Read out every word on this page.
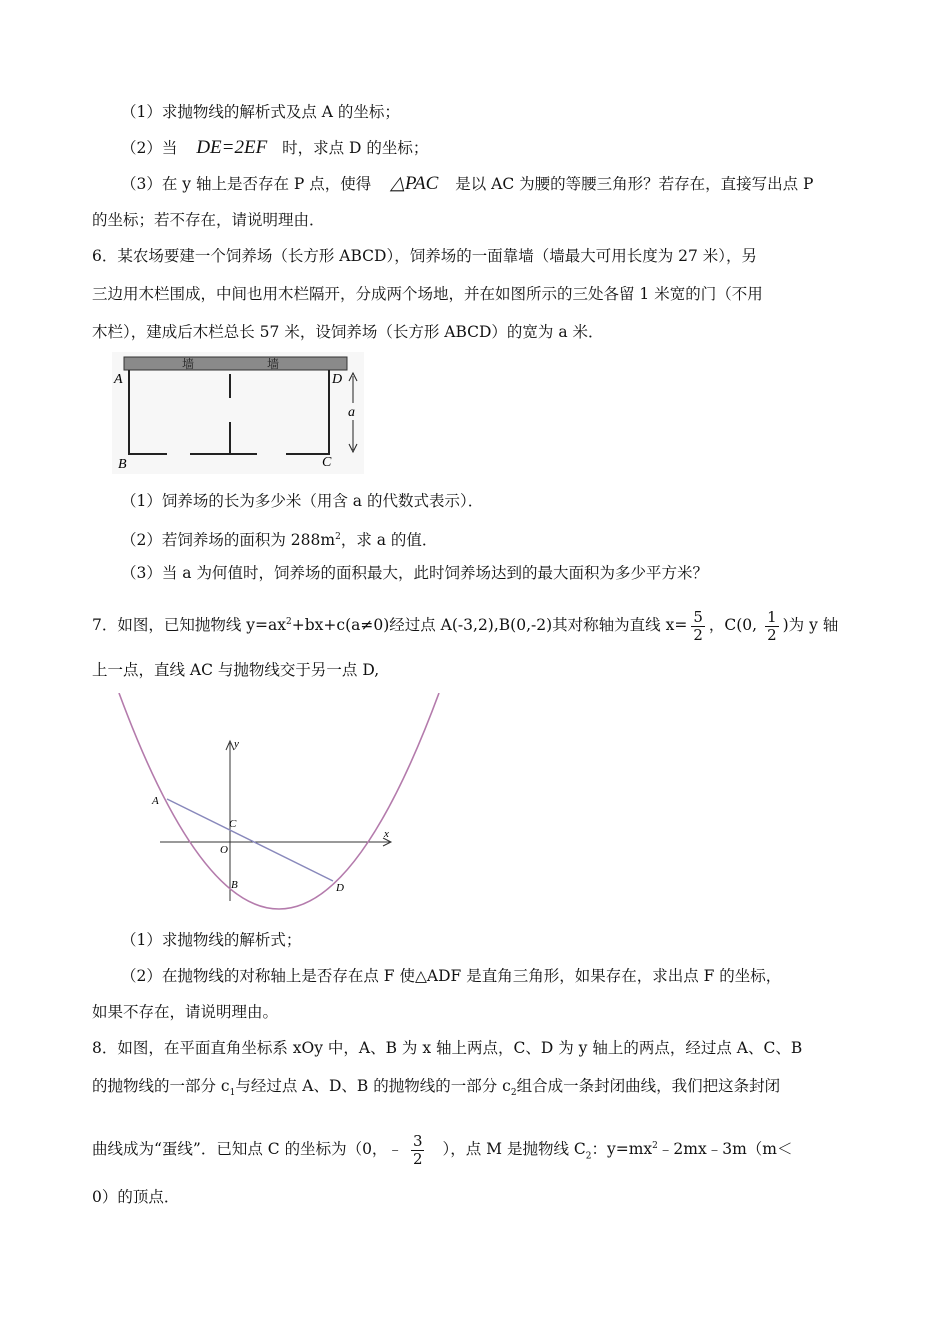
（1）求抛物线的解析式及点 A 的坐标；
（2）当 DE=2EF 时，求点 D 的坐标；
（3）在 y 轴上是否存在 P 点，使得 △PAC 是以 AC 为腰的等腰三角形？若存在，直接写出点 P
的坐标；若不存在，请说明理由．
6．某农场要建一个饲养场（长方形 ABCD），饲养场的一面靠墙（墙最大可用长度为 27 米），另
三边用木栏围成，中间也用木栏隔开，分成两个场地，并在如图所示的三处各留 1 米宽的门（不用
木栏），建成后木栏总长 57 米，设饲养场（长方形 ABCD）的宽为 a 米．
墙	墙
A	D
B	C
a
（1）饲养场的长为多少米（用含 a 的代数式表示）．
（2）若饲养场的面积为 $288m^2$，求 a 的值．
（3）当 a 为何值时，饲养场的面积最大，此时饲养场达到的最大面积为多少平方米？
7．如图，已知抛物线 $y=ax^2+bx+c(a\ne 0)$经过点 A(-3,2),B(0,-2)其对称轴为直线 $x= \frac{5}{2}$ ，C(0, $\frac{1}{2}$ )为 y 轴
上一点，直线 AC 与抛物线交于另一点 D,
y
x
A
C
O
B	D
（1）求抛物线的解析式；
（2）在抛物线的对称轴上是否存在点 F 使△ADF 是直角三角形，如果存在，求出点 F 的坐标，
如果不存在，请说明理由。
8．如图，在平面直角坐标系 xOy 中，A、B 为 x 轴上两点，C、D 为 y 轴上的两点，经过点 A、C、B
的抛物线的一部分 $c_1$与经过点 A、D、B 的抛物线的一部分 $c_2$组合成一条封闭曲线，我们把这条封闭
曲线成为“蛋线”．已知点 C 的坐标为（0，﹣ $\frac{3}{2}$ ），点 M 是抛物线 $C_2$：$y=mx^2﹣2mx﹣3m(m<$
0）的顶点．
